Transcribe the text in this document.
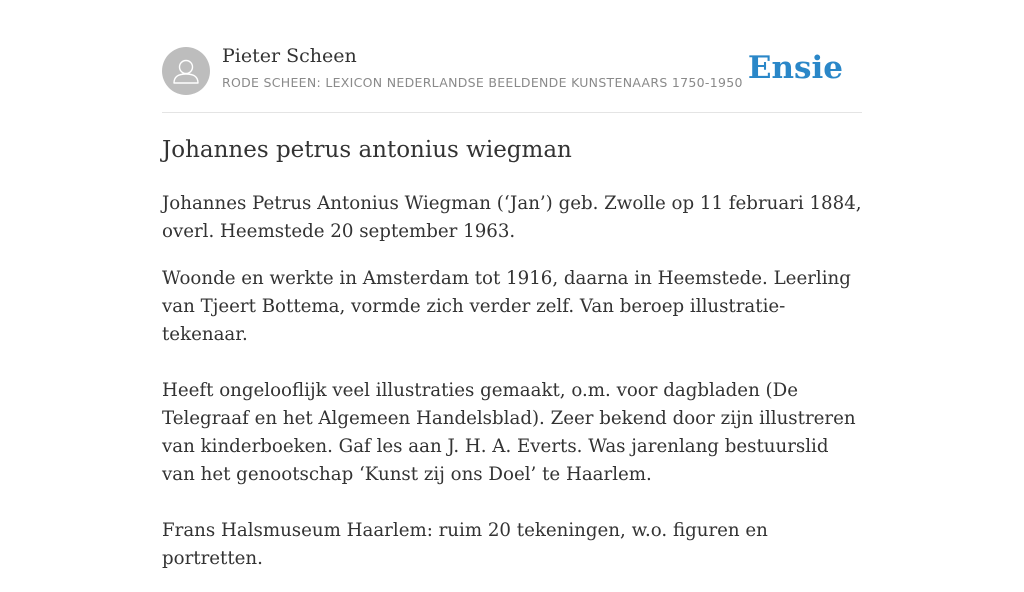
Pieter Scheen
RODE SCHEEN: LEXICON NEDERLANDSE BEELDENDE KUNSTENAARS 1750-1950 Ensie
Johannes petrus antonius wiegman

Johannes Petrus Antonius Wiegman (‘Jan’) geb. Zwolle op 11 februari 1884, overl. Heemstede 20 september 1963.

Woonde en werkte in Amsterdam tot 1916, daarna in Heemstede. Leerling van Tjeert Bottema, vormde zich verder zelf. Van beroep illustratie-tekenaar.

Heeft ongelooflijk veel illustraties gemaakt, o.m. voor dagbladen (De Telegraaf en het Algemeen Handelsblad). Zeer bekend door zijn illustreren van kinderboeken. Gaf les aan J. H. A. Everts. Was jarenlang bestuurslid van het genootschap ‘Kunst zij ons Doel’ te Haarlem.

Frans Halsmuseum Haarlem: ruim 20 tekeningen, w.o. figuren en portretten.
